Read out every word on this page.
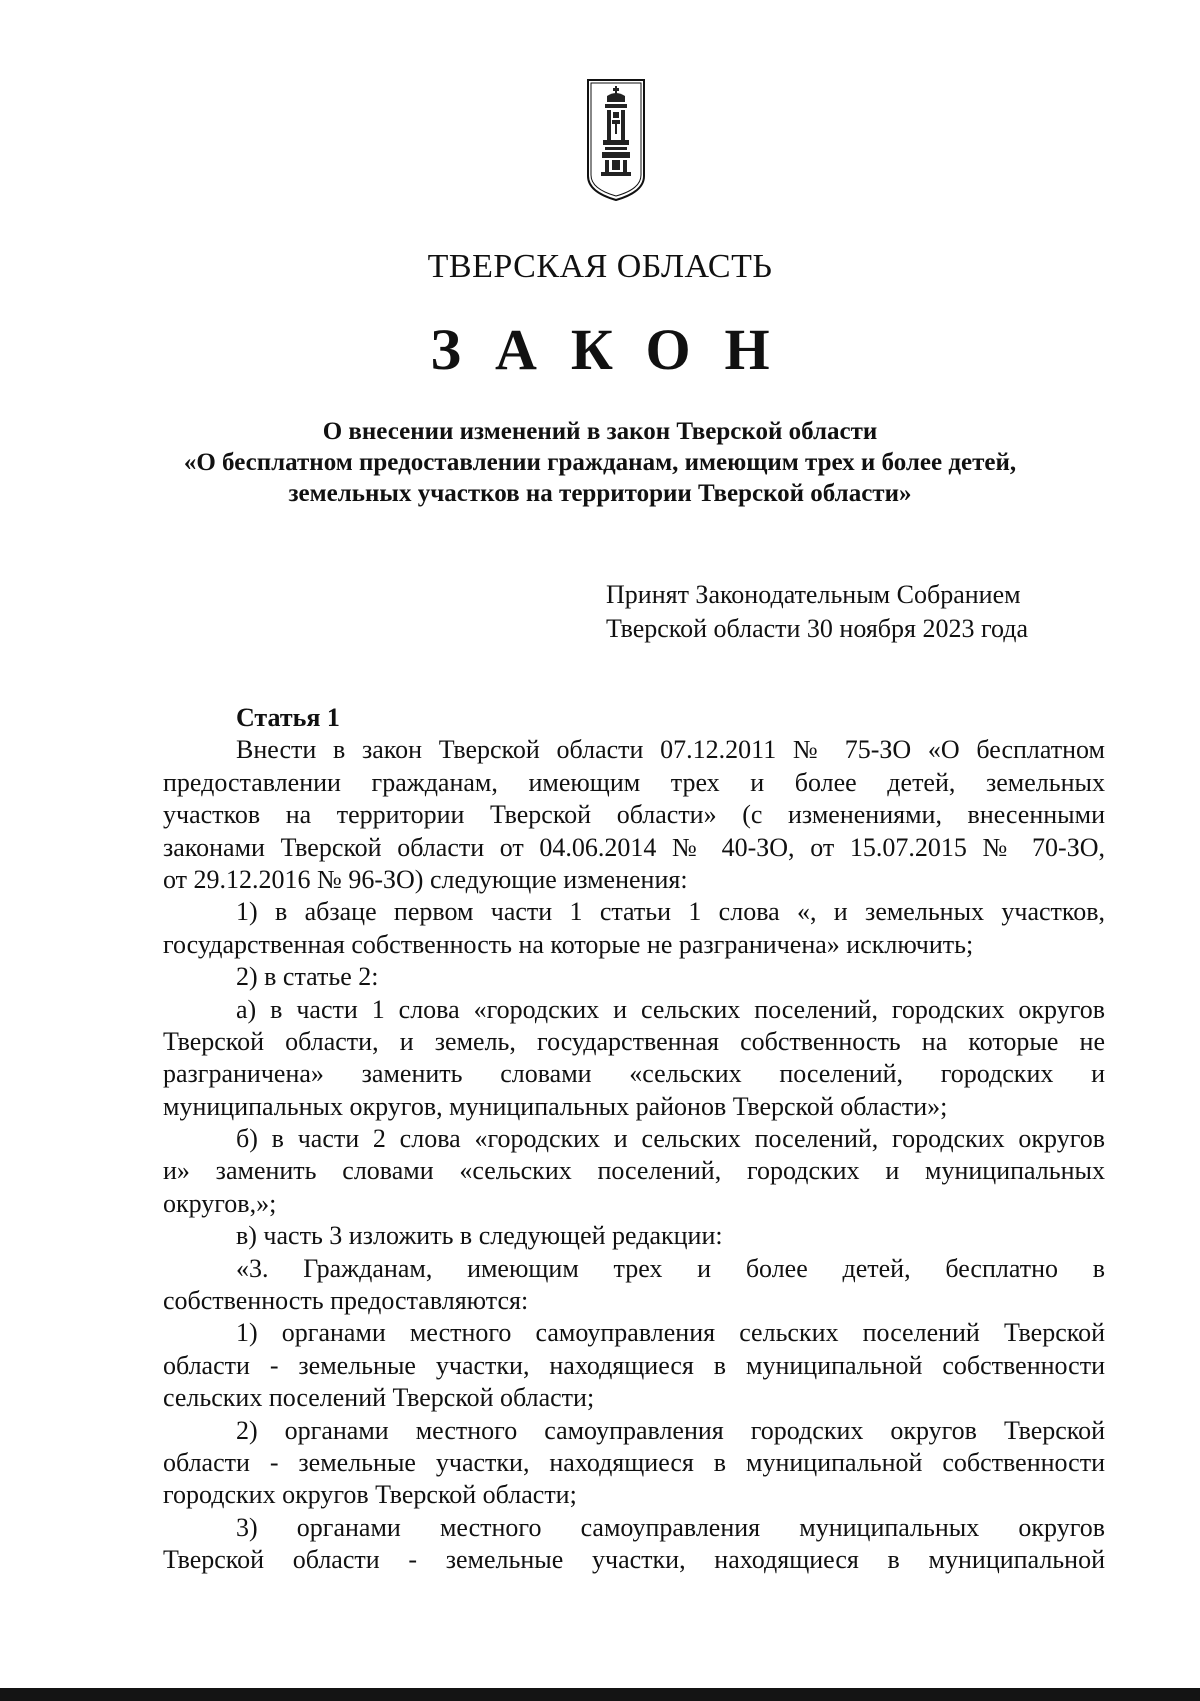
ТВЕРСКАЯ ОБЛАСТЬ
ЗАКОН
О внесении изменений в закон Тверской области
«О бесплатном предоставлении гражданам, имеющим трех и более детей,
земельных участков на территории Тверской области»
Принят Законодательным Собранием
Тверской области 30 ноября 2023 года
Статья 1
Внести в закон Тверской области 07.12.2011 № 75-ЗО «О бесплатном
предоставлении гражданам, имеющим трех и более детей, земельных
участков на территории Тверской области» (с изменениями, внесенными
законами Тверской области от 04.06.2014 № 40-ЗО, от 15.07.2015 № 70-ЗО,
от 29.12.2016 № 96-ЗО) следующие изменения:
1) в абзаце первом части 1 статьи 1 слова «, и земельных участков,
государственная собственность на которые не разграничена» исключить;
2) в статье 2:
а) в части 1 слова «городских и сельских поселений, городских округов
Тверской области, и земель, государственная собственность на которые не
разграничена» заменить словами «сельских поселений, городских и
муниципальных округов, муниципальных районов Тверской области»;
б) в части 2 слова «городских и сельских поселений, городских округов
и» заменить словами «сельских поселений, городских и муниципальных
округов,»;
в) часть 3 изложить в следующей редакции:
«3. Гражданам, имеющим трех и более детей, бесплатно в
собственность предоставляются:
1) органами местного самоуправления сельских поселений Тверской
области - земельные участки, находящиеся в муниципальной собственности
сельских поселений Тверской области;
2) органами местного самоуправления городских округов Тверской
области - земельные участки, находящиеся в муниципальной собственности
городских округов Тверской области;
3) органами местного самоуправления муниципальных округов
Тверской области - земельные участки, находящиеся в муниципальной
